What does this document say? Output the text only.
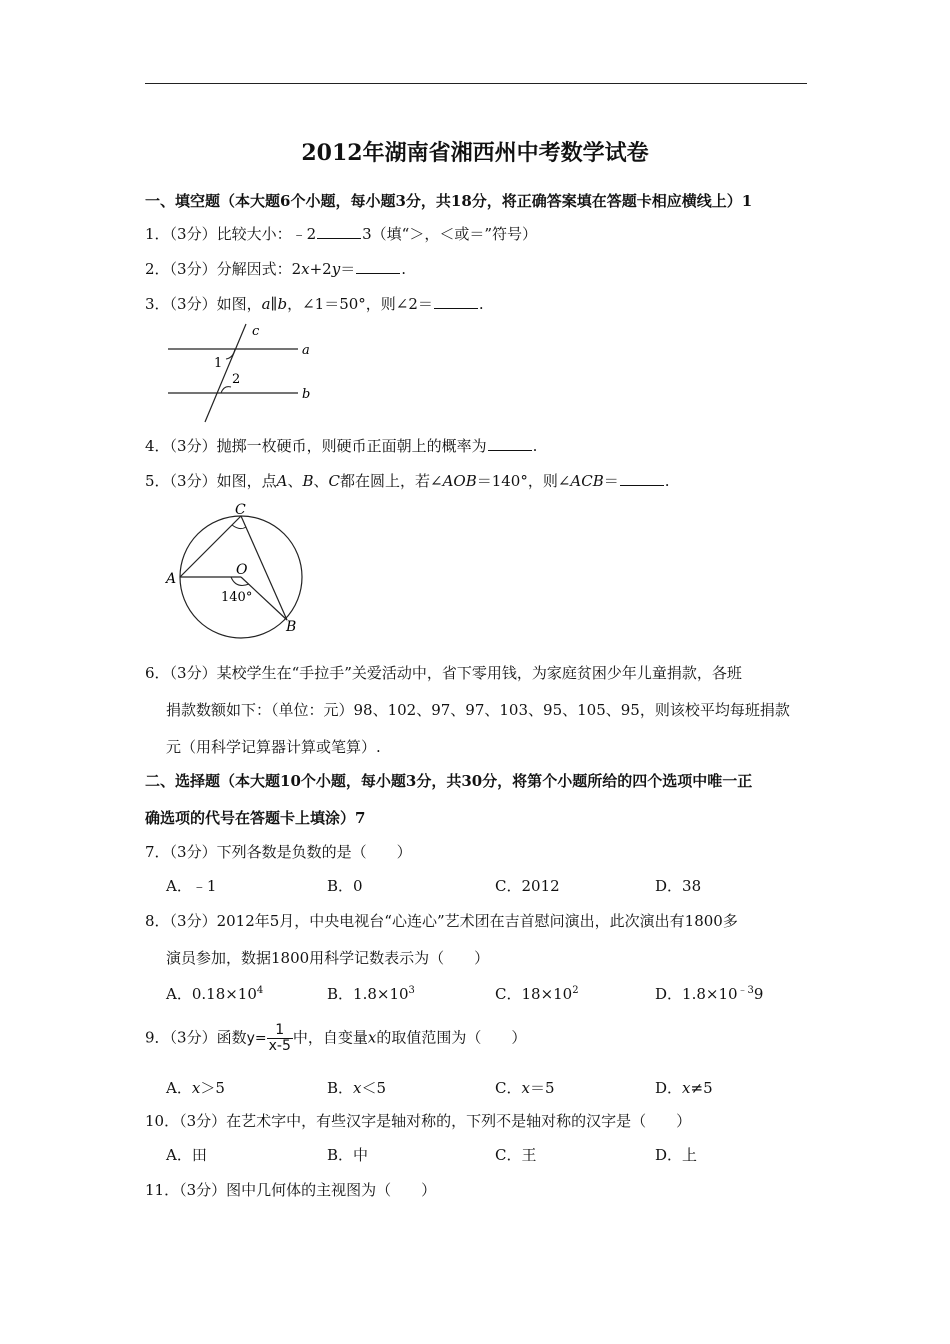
2012年湖南省湘西州中考数学试卷
一、填空题（本大题6个小题，每小题3分，共18分，将正确答案填在答题卡相应横线上）1
1．（3分）比较大小：﹣2	3（填“＞，＜或＝”符号）
2．（3分）分解因式：2x+2y＝	.
3．（3分）如图，a∥b，∠1＝50°，则∠2＝	.
c
a
b
1
2
4．（3分）抛掷一枚硬币，则硬币正面朝上的概率为	.
5．（3分）如图，点A、B、C都在圆上，若∠AOB＝140°，则∠ACB＝	.
C
A
O
B
140°
6．（3分）某校学生在“手拉手”关爱活动中，省下零用钱，为家庭贫困少年儿童捐款，各班
捐款数额如下：（单位：元）98、102、97、97、103、95、105、95，则该校平均每班捐款
元（用科学记算器计算或笔算）.
二、选择题（本大题10个小题，每小题3分，共30分，将第个小题所给的四个选项中唯一正
确选项的代号在答题卡上填涂）7
7．（3分）下列各数是负数的是（　　）
A．﹣1	B．0	C．2012	D．38
8．（3分）2012年5月，中央电视台“心连心”艺术团在吉首慰问演出，此次演出有1800多
演员参加，数据1800用科学记数表示为（　　）
A．$0.18\times 10^4$	B．$1.8\times 10^3$	C．$18\times 10^2$	D．$1.8\times 10^{﹣3}9$
9．（3分）函数$y= \frac{1}{x-5}$ 中，自变量x的取值范围为（　　）
A．x＞5	B．x＜5	C．x＝5	D．x≠5
10．（3分）在艺术字中，有些汉字是轴对称的，下列不是轴对称的汉字是（　　）
A．田	B．中	C．王	D．上
11．（3分）图中几何体的主视图为（　　）
